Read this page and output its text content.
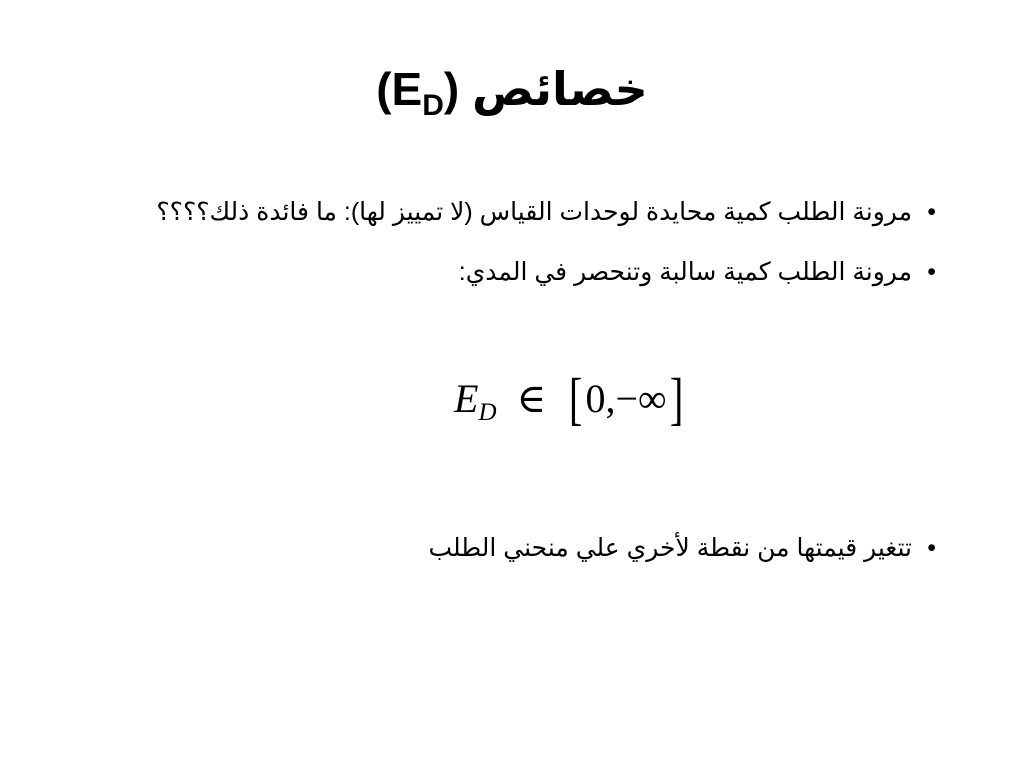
خصائص $(E_D)$
•
مرونة الطلب كمية محايدة لوحدات القياس (لا تمييز لها): ما فائدة ذلك؟؟؟؟
•
مرونة الطلب كمية سالبة وتنحصر في المدي:
•
تتغير قيمتها من نقطة لأخري علي منحني الطلب
$E_D$ ∈ [0,−∞]
